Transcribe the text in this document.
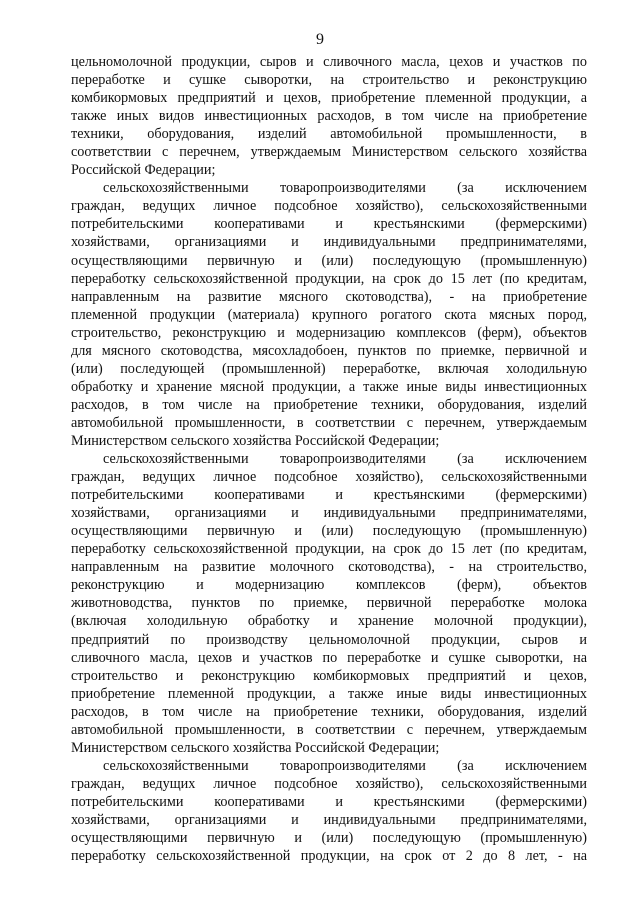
9
цельномолочной продукции, сыров и сливочного масла, цехов и участков по
переработке и сушке сыворотки, на строительство и реконструкцию
комбикормовых предприятий и цехов, приобретение племенной продукции, а
также иных видов инвестиционных расходов, в том числе на приобретение
техники, оборудования, изделий автомобильной промышленности, в
соответствии с перечнем, утверждаемым Министерством сельского хозяйства
Российской Федерации;
сельскохозяйственными товаропроизводителями (за исключением
граждан, ведущих личное подсобное хозяйство), сельскохозяйственными
потребительскими кооперативами и крестьянскими (фермерскими)
хозяйствами, организациями и индивидуальными предпринимателями,
осуществляющими первичную и (или) последующую (промышленную)
переработку сельскохозяйственной продукции, на срок до 15 лет (по кредитам,
направленным на развитие мясного скотоводства), - на приобретение
племенной продукции (материала) крупного рогатого скота мясных пород,
строительство, реконструкцию и модернизацию комплексов (ферм), объектов
для мясного скотоводства, мясохладобоен, пунктов по приемке, первичной и
(или) последующей (промышленной) переработке, включая холодильную
обработку и хранение мясной продукции, а также иные виды инвестиционных
расходов, в том числе на приобретение техники, оборудования, изделий
автомобильной промышленности, в соответствии с перечнем, утверждаемым
Министерством сельского хозяйства Российской Федерации;
сельскохозяйственными товаропроизводителями (за исключением
граждан, ведущих личное подсобное хозяйство), сельскохозяйственными
потребительскими кооперативами и крестьянскими (фермерскими)
хозяйствами, организациями и индивидуальными предпринимателями,
осуществляющими первичную и (или) последующую (промышленную)
переработку сельскохозяйственной продукции, на срок до 15 лет (по кредитам,
направленным на развитие молочного скотоводства), - на строительство,
реконструкцию и модернизацию комплексов (ферм), объектов
животноводства, пунктов по приемке, первичной переработке молока
(включая холодильную обработку и хранение молочной продукции),
предприятий по производству цельномолочной продукции, сыров и
сливочного масла, цехов и участков по переработке и сушке сыворотки, на
строительство и реконструкцию комбикормовых предприятий и цехов,
приобретение племенной продукции, а также иные виды инвестиционных
расходов, в том числе на приобретение техники, оборудования, изделий
автомобильной промышленности, в соответствии с перечнем, утверждаемым
Министерством сельского хозяйства Российской Федерации;
сельскохозяйственными товаропроизводителями (за исключением
граждан, ведущих личное подсобное хозяйство), сельскохозяйственными
потребительскими кооперативами и крестьянскими (фермерскими)
хозяйствами, организациями и индивидуальными предпринимателями,
осуществляющими первичную и (или) последующую (промышленную)
переработку сельскохозяйственной продукции, на срок от 2 до 8 лет, - на
